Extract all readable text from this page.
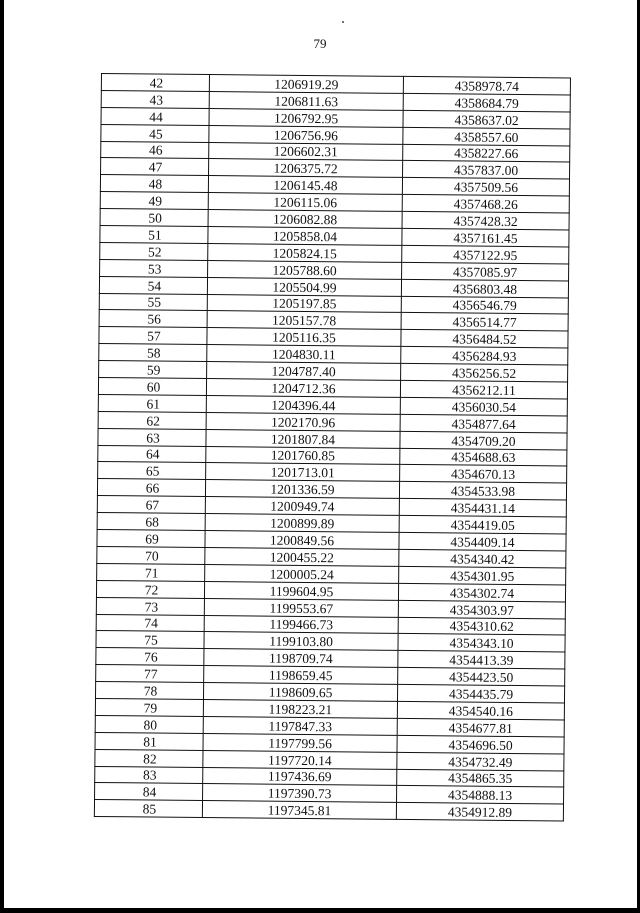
79
42	1206919.29	4358978.74
43	1206811.63	4358684.79
44	1206792.95	4358637.02
45	1206756.96	4358557.60
46	1206602.31	4358227.66
47	1206375.72	4357837.00
48	1206145.48	4357509.56
49	1206115.06	4357468.26
50	1206082.88	4357428.32
51	1205858.04	4357161.45
52	1205824.15	4357122.95
53	1205788.60	4357085.97
54	1205504.99	4356803.48
55	1205197.85	4356546.79
56	1205157.78	4356514.77
57	1205116.35	4356484.52
58	1204830.11	4356284.93
59	1204787.40	4356256.52
60	1204712.36	4356212.11
61	1204396.44	4356030.54
62	1202170.96	4354877.64
63	1201807.84	4354709.20
64	1201760.85	4354688.63
65	1201713.01	4354670.13
66	1201336.59	4354533.98
67	1200949.74	4354431.14
68	1200899.89	4354419.05
69	1200849.56	4354409.14
70	1200455.22	4354340.42
71	1200005.24	4354301.95
72	1199604.95	4354302.74
73	1199553.67	4354303.97
74	1199466.73	4354310.62
75	1199103.80	4354343.10
76	1198709.74	4354413.39
77	1198659.45	4354423.50
78	1198609.65	4354435.79
79	1198223.21	4354540.16
80	1197847.33	4354677.81
81	1197799.56	4354696.50
82	1197720.14	4354732.49
83	1197436.69	4354865.35
84	1197390.73	4354888.13
85	1197345.81	4354912.89
